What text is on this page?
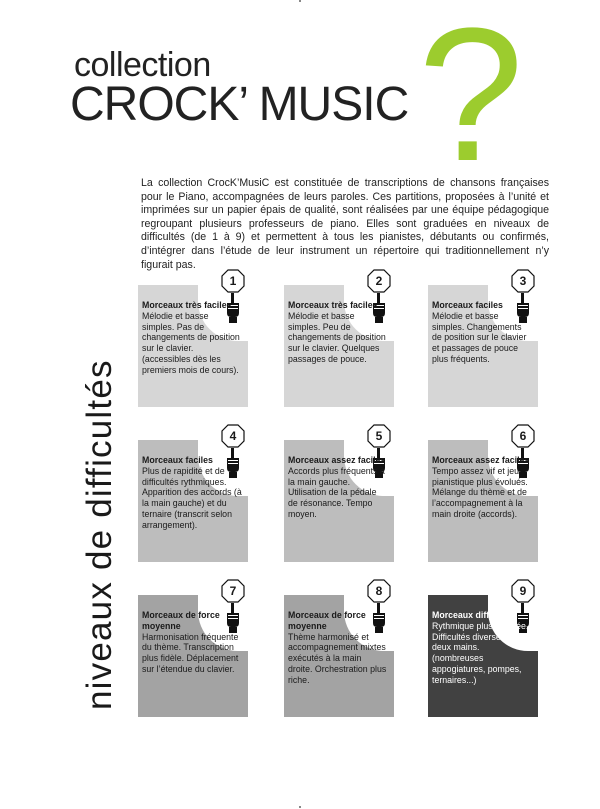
collection
CROCK’ MUSIC ?
La collection CrocK’MusiC est constituée de transcriptions de chansons françaises pour le Piano, accompagnées de leurs paroles. Ces partitions, proposées à l’unité et imprimées sur un papier épais de qualité, sont réalisées par une équipe pédagogique regroupant plusieurs professeurs de piano. Elles sont graduées en niveaux de difficultés (de 1 à 9) et permettent à tous les pianistes, débutants ou confirmés, d’intégrer dans l’étude de leur instrument un répertoire qui traditionnellement n’y figurait pas.
niveaux de difficultés
1
Morceaux très faciles
Mélodie et basse simples. Pas de changements de position sur le clavier. (accessibles dès les premiers mois de cours).
2
Morceaux très faciles
Mélodie et basse simples. Peu de changements de position sur le clavier. Quelques passages de pouce.
3
Morceaux faciles
Mélodie et basse simples. Changements de position sur le clavier et passages de pouce plus fréquents.
4
Morceaux faciles
Plus de rapidité et de difficultés rythmiques. Apparition des accords (à la main gauche) et du ternaire (transcrit selon arrangement).
5
Morceaux assez faciles
Accords plus fréquents à la main gauche. Utilisation de la pédale de résonance. Tempo moyen.
6
Morceaux assez faciles
Tempo assez vif et jeu pianistique plus évolués. Mélange du thème et de l’accompagnement à la main droite (accords).
7
Morceaux de force moyenne
Harmonisation fréquente du thème. Transcription plus fidèle. Déplacement sur l’étendue du clavier.
8
Morceaux de force moyenne
Thème harmonisé et accompagnement mixtes exécutés à la main droite. Orchestration plus riche.
9
Morceaux difficiles
Rythmique plus évoluée. Difficultés diverses aux deux mains. (nombreuses appogiatures, pompes, ternaires...)
